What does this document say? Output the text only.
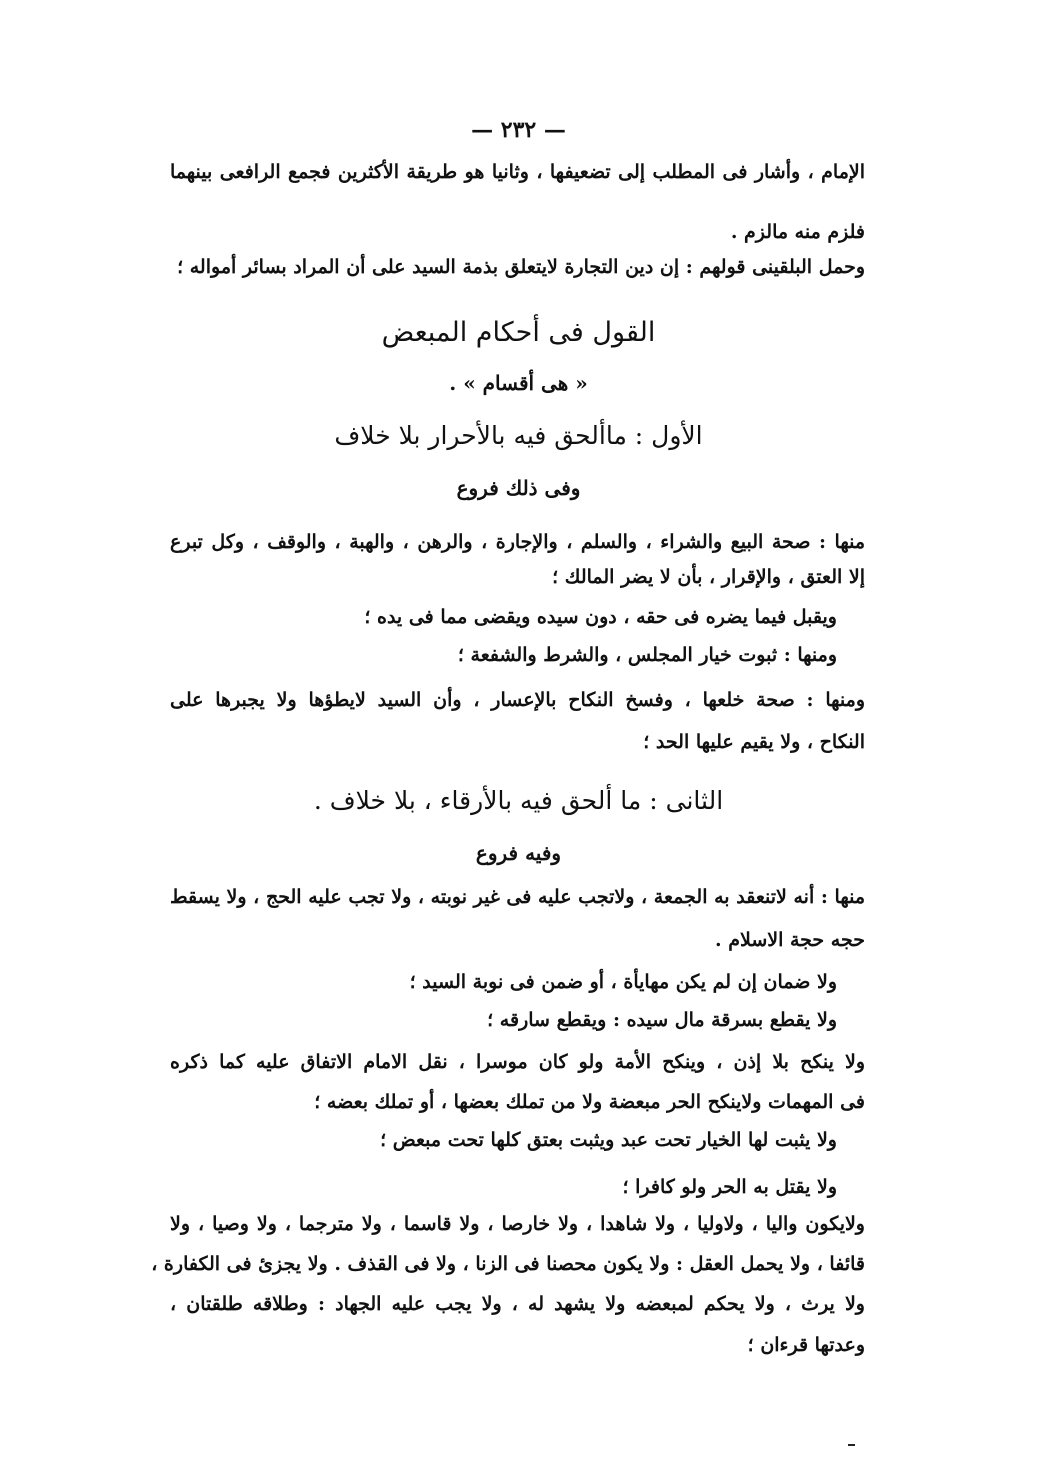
— ٢٣٢ —
الإمام ، وأشار فى المطلب إلى تضعيفها ، وثانيا هو طريقة الأكثرين فجمع الرافعى بينهما
فلزم منه مالزم .
وحمل البلقينى قولهم : إن دين التجارة لايتعلق بذمة السيد على أن المراد بسائر أمواله ؛
القول فى أحكام المبعض
« هى أقسام » .
الأول : ماألحق فيه بالأحرار بلا خلاف
وفى ذلك فروع
منها : صحة البيع والشراء ، والسلم ، والإجارة ، والرهن ، والهبة ، والوقف ، وكل تبرع
إلا العتق ، والإقرار ، بأن لا يضر المالك ؛
ويقبل فيما يضره فى حقه ، دون سيده ويقضى مما فى يده ؛
ومنها : ثبوت خيار المجلس ، والشرط والشفعة ؛
ومنها : صحة خلعها ، وفسخ النكاح بالإعسار ، وأن السيد لايطؤها ولا يجبرها على
النكاح ، ولا يقيم عليها الحد ؛
الثانى : ما ألحق فيه بالأرقاء ، بلا خلاف .
وفيه فروع
منها : أنه لاتنعقد به الجمعة ، ولاتجب عليه فى غير نوبته ، ولا تجب عليه الحج ، ولا يسقط
حجه حجة الاسلام .
ولا ضمان إن لم يكن مهايأة ، أو ضمن فى نوبة السيد ؛
ولا يقطع بسرقة مال سيده : ويقطع سارقه ؛
ولا ينكح بلا إذن ، وينكح الأمة ولو كان موسرا ، نقل الامام الاتفاق عليه كما ذكره
فى المهمات ولاينكح الحر مبعضة ولا من تملك بعضها ، أو تملك بعضه ؛
ولا يثبت لها الخيار تحت عبد ويثبت بعتق كلها تحت مبعض ؛
ولا يقتل به الحر ولو كافرا ؛
ولايكون واليا ، ولاوليا ، ولا شاهدا ، ولا خارصا ، ولا قاسما ، ولا مترجما ، ولا وصيا ، ولا
قائفا ، ولا يحمل العقل : ولا يكون محصنا فى الزنا ، ولا فى القذف . ولا يجزئ فى الكفارة ،
ولا يرث ، ولا يحكم لمبعضه ولا يشهد له ، ولا يجب عليه الجهاد : وطلاقه طلقتان ،
وعدتها قرءان ؛
